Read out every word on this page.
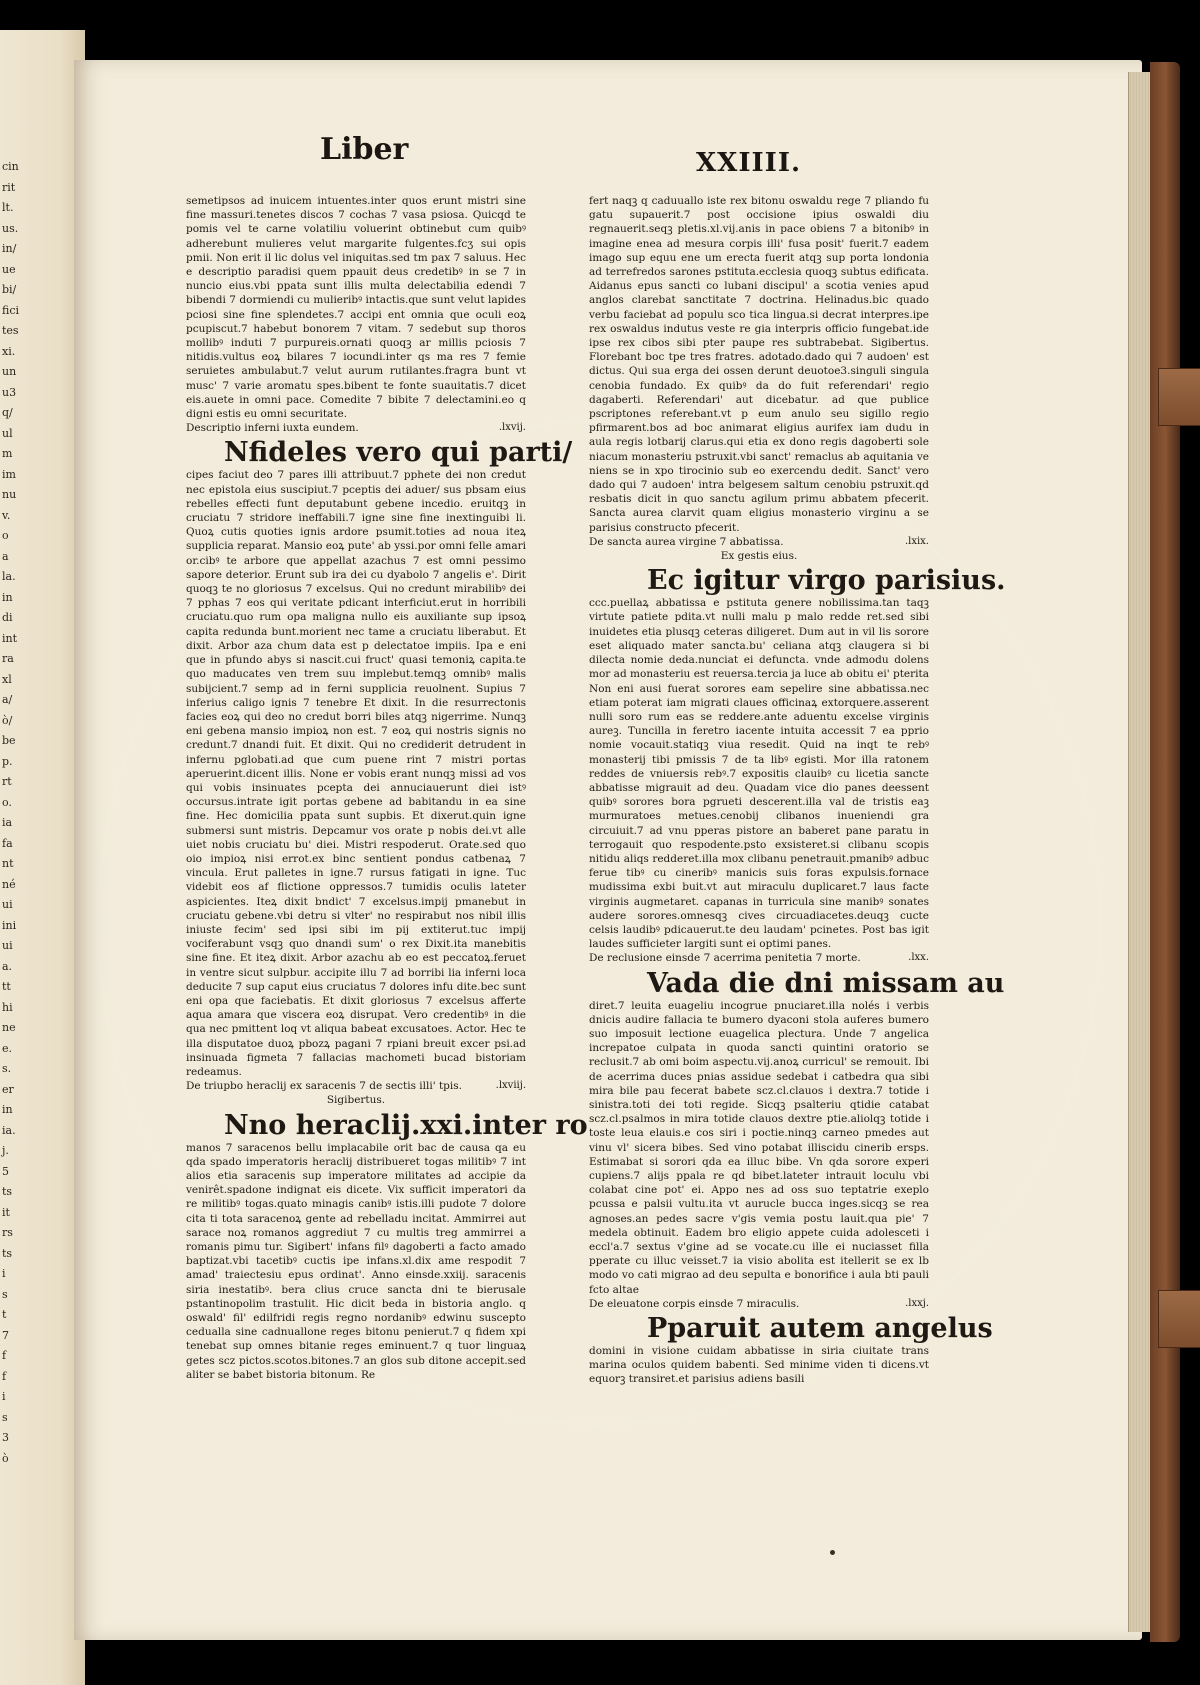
cin
rit
lt.
us.
in/
ue
bi/
fici
tes
xi.
un
u3
q/
ul
m
im
nu
v.
o
a
la.
in
di
int
ra
xl
a/
ò/
be
p.
rt
o.
ia
fa
nt
né
ui
ini
ui
a.
tt
hi
ne
e.
s.
er
in
ia.
j.
5
ts
it
rs
ts
i
s
t
7
f
f
i
s
3
ò
Liber	XXIIII.

semetipsos ad inuicem intuentes.inter quos erunt mistri sine fine massuri.tenetes discos 7 cochas 7 vasa psiosa. Quicqd te pomis vel te carne volatiliu voluerint obtinebut cum quibꝰ adherebunt mulieres velut margarite fulgentes.fcʒ sui opis pmii. Non erit il lic dolus vel iniquitas.sed tm pax 7 saluus. Hec e descriptio paradisi quem ppauit deus credetibꝰ in se 7 in nuncio eius.vbi ppata sunt illis multa delectabilia edendi 7 bibendi 7 dormiendi cu mulieribꝰ intactis.que sunt velut lapides pciosi sine fine splendetes.7 accipi ent omnia que oculi eoꝝ pcupiscut.7 habebut bonorem 7 vitam. 7 sedebut sup thoros mollibꝰ induti 7 purpureis.ornati quoqꝫ ar millis pciosis 7 nitidis.vultus eoꝝ bilares 7 iocundi.inter qs ma res 7 femie seruietes ambulabut.7 velut aurum rutilantes.fragra bunt vt musc' 7 varie aromatu spes.bibent te fonte suauitatis.7 dicet eis.auete in omni pace. Comedite 7 bibite 7 delectamini.eo q digni estis eu omni securitate.

Descriptio inferni iuxta eundem.	.lxvij.
Nfideles vero qui parti/

cipes faciut deo 7 pares illi attribuut.7 pphete dei non credut nec epistola eius suscipiut.7 pceptis dei aduer/ sus pbsam eius rebelles effecti funt deputabunt gebene incedio. eruitqꝫ in cruciatu 7 stridore ineffabili.7 igne sine fine inextinguibi li. Quoꝝ cutis quoties ignis ardore psumit.toties ad noua iteꝝ supplicia reparat. Mansio eoꝝ pute' ab yssi.por omni felle amari or.cibꝰ te arbore que appellat azachus 7 est omni pessimo sapore deterior. Erunt sub ira dei cu dyabolo 7 angelis e'. Dirit quoqꝫ te no gloriosus 7 excelsus. Qui no credunt mirabilibꝰ dei 7 pphas 7 eos qui veritate pdicant interficiut.erut in horribili cruciatu.quo rum opa maligna nullo eis auxiliante sup ipsoꝝ capita redunda bunt.morient nec tame a cruciatu liberabut. Et dixit. Arbor aza chum data est p delectatoe impiis. Ipa e eni que in pfundo abys si nascit.cui fruct' quasi temoniꝝ capita.te quo maducates ven trem suu implebut.temqꝫ omnibꝰ malis subijcient.7 semp ad in ferni supplicia reuolnent. Supius 7 inferius caligo ignis 7 tenebre Et dixit. In die resurrectonis facies eoꝝ qui deo no credut borri biles atqꝫ nigerrime. Nunqꝫ eni gebena mansio impioꝝ non est. 7 eoꝝ qui nostris signis no credunt.7 dnandi fuit. Et dixit. Qui no crediderit detrudent in infernu pglobati.ad que cum puene rint 7 mistri portas aperuerint.dicent illis. None er vobis erant nunqꝫ missi ad vos qui vobis insinuates pcepta dei annuciauerunt diei istꝰ occursus.intrate igit portas gebene ad babitandu in ea sine fine. Hec domicilia ppata sunt supbis. Et dixerut.quin igne submersi sunt mistris. Depcamur vos orate p nobis dei.vt alle uiet nobis cruciatu bu' diei. Mistri respoderut. Orate.sed quo oio impioꝝ nisi errot.ex binc sentient pondus catbenaꝝ 7 vincula. Erut palletes in igne.7 rursus fatigati in igne. Tuc videbit eos af flictione oppressos.7 tumidis oculis lateter aspicientes. Iteꝝ dixit bndict' 7 excelsus.impij pmanebut in cruciatu gebene.vbi detru si vlter' no respirabut nos nibil illis iniuste fecim' sed ipsi sibi im pij extiterut.tuc impij vociferabunt vsqꝫ quo dnandi sum' o rex Dixit.ita manebitis sine fine. Et iteꝝ dixit. Arbor azachu ab eo est peccatoꝝ.feruet in ventre sicut sulpbur. accipite illu 7 ad borribi lia inferni loca deducite 7 sup caput eius cruciatus 7 dolores infu dite.bec sunt eni opa que faciebatis. Et dixit gloriosus 7 excelsus afferte aqua amara que viscera eoꝝ disrupat. Vero credentibꝰ in die qua nec pmittent loq vt aliqua babeat excusatoes. Actor. Hec te illa disputatoe duoꝝ pbozꝝ pagani 7 rpiani breuit excer psi.ad insinuada figmeta 7 fallacias machometi bucad bistoriam redeamus.

De triupbo heraclij ex saracenis 7 de sectis illi' tpis.	.lxviij.
Sigibertus.
Nno heraclij.xxi.inter ro

manos 7 saracenos bellu implacabile orit bac de causa qa eu qda spado imperatoris heraclij distribueret togas militibꝰ 7 int alios etia saracenis sup imperatore militates ad accipie da venirêt.spadone indignat eis dicete. Vix sufficit imperatori da re militibꝰ togas.quato minagis canibꝰ istis.illi pudote 7 dolore cita ti tota saracenoꝝ gente ad rebelladu incitat. Ammirrei aut sarace noꝝ romanos aggrediut 7 cu multis treg ammirrei a romanis pimu tur. Sigibert' infans filꝰ dagoberti a facto amado baptizat.vbi tacetibꝰ cuctis ipe infans.xl.dix ame respodit 7 amad' traiectesiu epus ordinat'. Anno einsde.xxiij. saracenis siria inestatibꝰ. bera clius cruce sancta dni te bierusale pstantinopolim trastulit. Hic dicit beda in bistoria anglo. q oswald' fil' edilfridi regis regno nordanibꝰ edwinu suscepto cedualla sine cadnuallone reges bitonu penierut.7 q fidem xpi tenebat sup omnes bitanie reges eminuent.7 q tuor linguaꝝ getes scz pictos.scotos.bitones.7 an glos sub ditone accepit.sed aliter se babet bistoria bitonum. Re

fert naqꝫ q caduuallo iste rex bitonu oswaldu rege 7 pliando fu gatu supauerit.7 post occisione ipius oswaldi diu regnauerit.seqꝫ pletis.xl.vij.anis in pace obiens 7 a bitonibꝰ in imagine enea ad mesura corpis illi' fusa posit' fuerit.7 eadem imago sup equu ene um erecta fuerit atqꝫ sup porta londonia ad terrefredos sarones pstituta.ecclesia quoqꝫ subtus edificata. Aidanus epus sancti co lubani discipul' a scotia venies apud anglos clarebat sanctitate 7 doctrina. Helinadus.bic quado verbu faciebat ad populu sco tica lingua.si decrat interpres.ipe rex oswaldus indutus veste re gia interpris officio fungebat.ide ipse rex cibos sibi pter paupe res subtrabebat. Sigibertus. Florebant boc tpe tres fratres. adotado.dado qui 7 audoen' est dictus. Qui sua erga dei ossen derunt deuotoe3.singuli singula cenobia fundado. Ex quibꝰ da do fuit referendari' regio dagaberti. Referendari' aut dicebatur. ad que publice pscriptones referebant.vt p eum anulo seu sigillo regio pfirmarent.bos ad boc animarat eligius aurifex iam dudu in aula regis lotbarij clarus.qui etia ex dono regis dagoberti sole niacum monasteriu pstruxit.vbi sanct' remaclus ab aquitania ve niens se in xpo tirocinio sub eo exercendu dedit. Sanct' vero dado qui 7 audoen' intra belgesem saltum cenobiu pstruxit.qd resbatis dicit in quo sanctu agilum primu abbatem pfecerit. Sancta aurea clarvit quam eligius monasterio virginu a se parisius constructo pfecerit.

De sancta aurea virgine 7 abbatissa.	.lxix.
Ex gestis eius.
Ec igitur virgo parisius.

ccc.puellaꝝ abbatissa e pstituta genere nobilissima.tan taqꝫ virtute patiete pdita.vt nulli malu p malo redde ret.sed sibi inuidetes etia plusqꝫ ceteras diligeret. Dum aut in vil lis sorore eset aliquado mater sancta.bu' celiana atqꝫ claugera si bi dilecta nomie deda.nunciat ei defuncta. vnde admodu dolens mor ad monasteriu est reuersa.tercia ja luce ab obitu ei' pterita Non eni ausi fuerat sorores eam sepelire sine abbatissa.nec etiam poterat iam migrati claues officinaꝝ extorquere.asserent nulli soro rum eas se reddere.ante aduentu excelse virginis aureꝫ. Tuncilla in feretro iacente intuita accessit 7 ea pprio nomie vocauit.statiqꝫ viua resedit. Quid na inqt te rebꝰ monasterij tibi pmissis 7 de ta libꝰ egisti. Mor illa ratonem reddes de vniuersis rebꝰ.7 expositis clauibꝰ cu licetia sancte abbatisse migrauit ad deu. Quadam vice dio panes deessent quibꝰ sorores bora pgrueti descerent.illa val de tristis eaꝫ murmuratoes metues.cenobij clibanos inueniendi gra circuiuit.7 ad vnu pperas pistore an baberet pane paratu in terrogauit quo respodente.psto exsisteret.si clibanu scopis nitidu aliqs redderet.illa mox clibanu penetrauit.pmanibꝰ adbuc ferue tibꝰ cu cineribꝰ manicis suis foras expulsis.fornace mudissima exbi buit.vt aut miraculu duplicaret.7 laus facte virginis augmetaret. capanas in turricula sine manibꝰ sonates audere sorores.omnesqꝫ cives circuadiacetes.deuqꝫ cucte celsis laudibꝰ pdicauerut.te deu laudam' pcinetes. Post bas igit laudes sufficieter largiti sunt ei optimi panes.

De reclusione einsde 7 acerrima penitetia 7 morte.	.lxx.
Vada die dni missam au

diret.7 leuita euageliu incogrue pnuciaret.illa nolés i verbis dnicis audire fallacia te bumero dyaconi stola auferes bumero suo imposuit lectione euagelica plectura. Unde 7 angelica increpatoe culpata in quoda sancti quintini oratorio se reclusit.7 ab omi boim aspectu.vij.anoꝝ curricul' se remouit. Ibi de acerrima duces pnias assidue sedebat i catbedra qua sibi mira bile pau fecerat babete scz.cl.clauos i dextra.7 totide i sinistra.toti dei toti regide. Sicqꝫ psalteriu qtidie catabat scz.cl.psalmos in mira totide clauos dextre ptie.aliolqꝫ totide i toste leua elauis.e cos siri i poctie.ninqꝫ carneo pmedes aut vinu vl' sicera bibes. Sed vino potabat illiscidu cinerib ersps. Estimabat si sorori qda ea illuc bibe. Vn qda sorore experi cupiens.7 alijs ppala re qd bibet.lateter intrauit loculu vbi colabat cine pot' ei. Appo nes ad oss suo teptatrie exeplo pcussa e palsii vultu.ita vt aurucle bucca inges.sicqꝫ se rea agnoses.an pedes sacre v'gis vemia postu lauit.qua pie' 7 medela obtinuit. Eadem bro eligio appete cuida adolesceti i eccl'a.7 sextus v'gine ad se vocate.cu ille ei nuciasset filla pperate cu illuc veisset.7 ia visio abolita est itellerit se ex lb modo vo cati migrao ad deu sepulta e bonorifice i aula bti pauli fcto altae

De eleuatone corpis einsde 7 miraculis.	.lxxj.
Pparuit autem angelus

domini in visione cuidam abbatisse in siria ciuitate trans marina oculos quidem babenti. Sed minime viden ti dicens.vt equorꝫ transiret.et parisius adiens basili
